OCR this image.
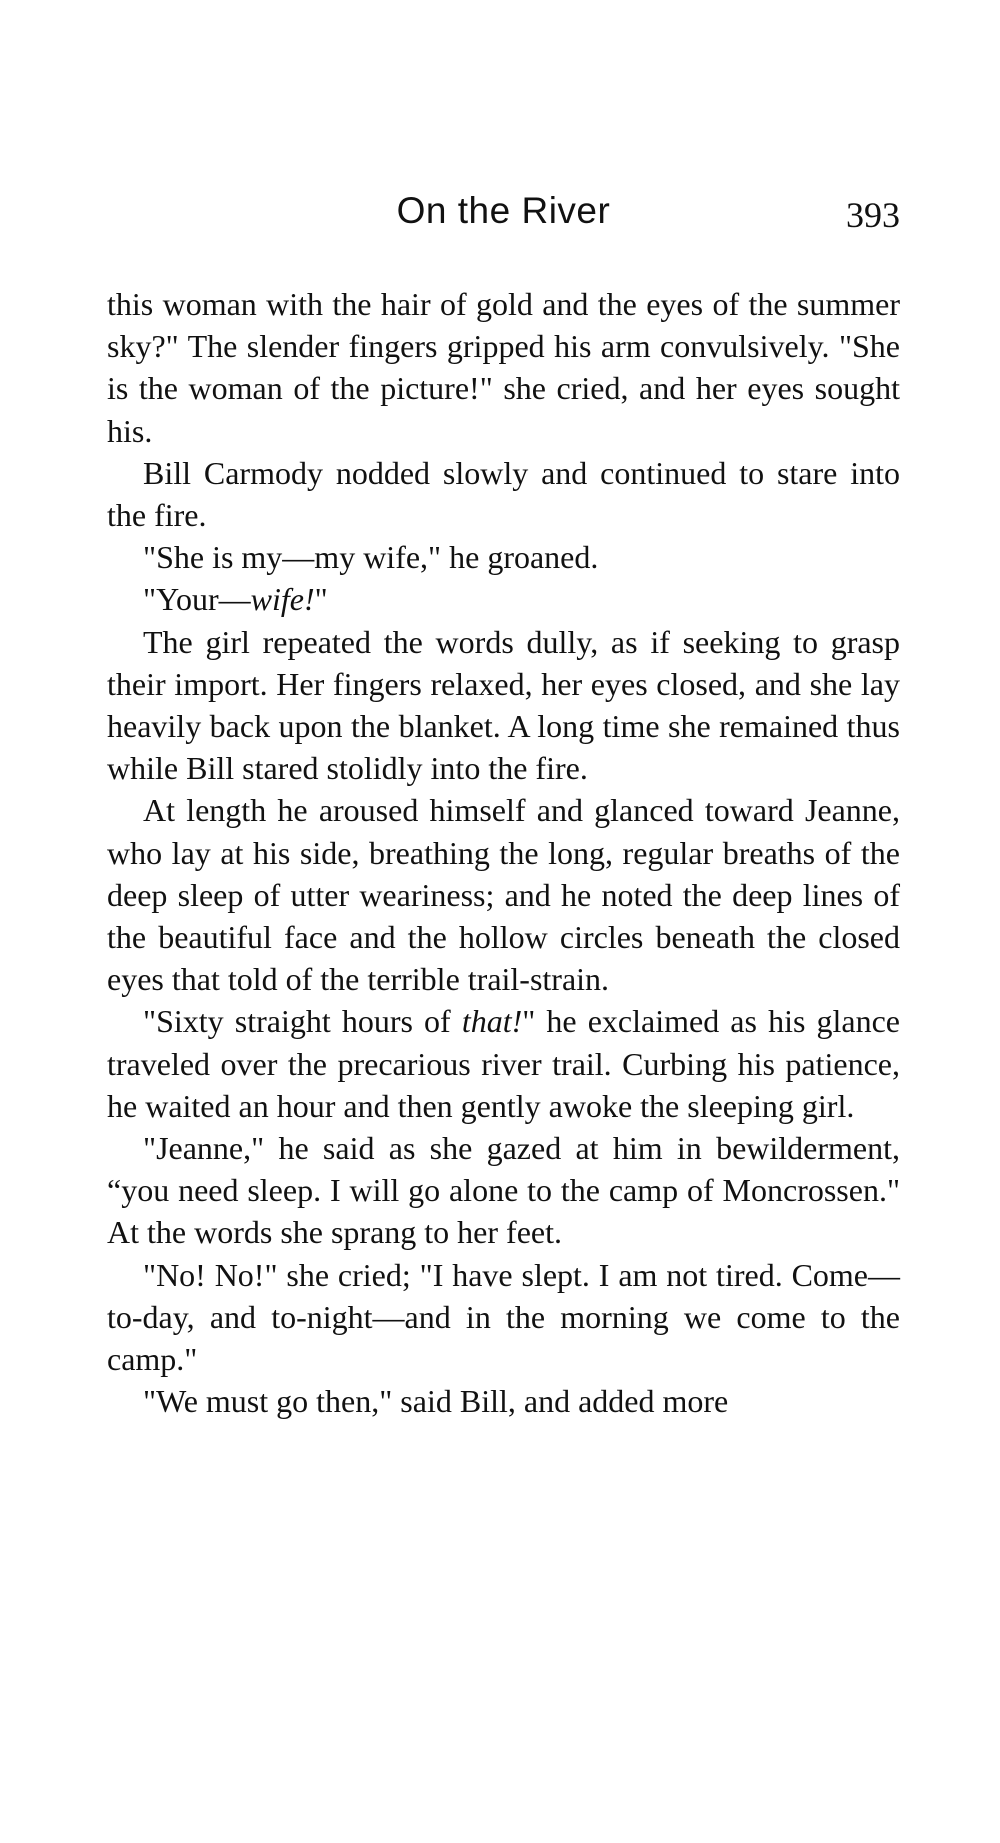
On the River	393

this woman with the hair of gold and the eyes of the summer sky?" The slender fingers gripped his arm convulsively. "She is the woman of the picture!" she cried, and her eyes sought his.

Bill Carmody nodded slowly and continued to stare into the fire.

"She is my—my wife," he groaned.

"Your—wife!"

The girl repeated the words dully, as if seeking to grasp their import. Her fingers relaxed, her eyes closed, and she lay heavily back upon the blanket. A long time she remained thus while Bill stared stolidly into the fire.

At length he aroused himself and glanced toward Jeanne, who lay at his side, breathing the long, regular breaths of the deep sleep of utter weariness; and he noted the deep lines of the beautiful face and the hollow circles beneath the closed eyes that told of the terrible trail-strain.

"Sixty straight hours of that!" he exclaimed as his glance traveled over the precarious river trail. Curbing his patience, he waited an hour and then gently awoke the sleeping girl.

"Jeanne," he said as she gazed at him in bewilderment, “you need sleep. I will go alone to the camp of Moncrossen." At the words she sprang to her feet.

"No! No!" she cried; "I have slept. I am not tired. Come—to-day, and to-night—and in the morning we come to the camp."

"We must go then," said Bill, and added more
